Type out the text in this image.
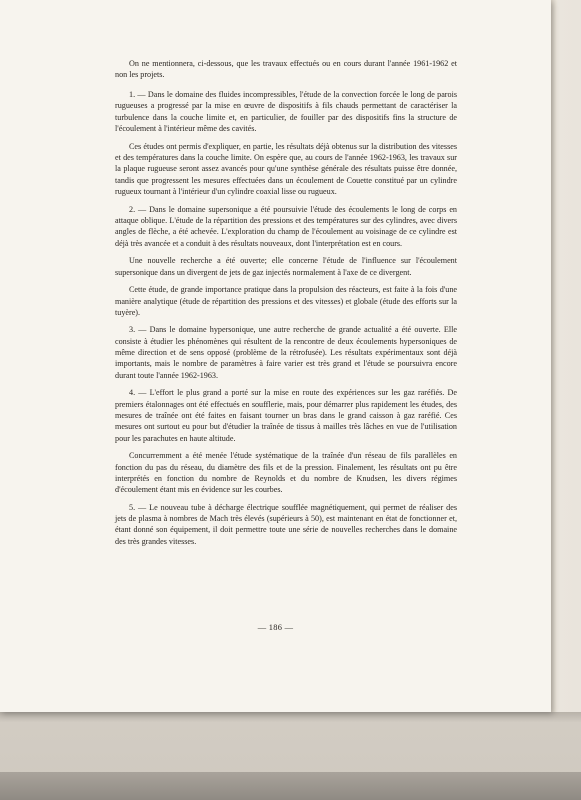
On ne mentionnera, ci-dessous, que les travaux effectués ou en cours durant l'année 1961-1962 et non les projets.

1. — Dans le domaine des fluides incompressibles, l'étude de la convection forcée le long de parois rugueuses a progressé par la mise en œuvre de dispositifs à fils chauds permettant de caractériser la turbulence dans la couche limite et, en particulier, de fouiller par des dispositifs fins la structure de l'écoulement à l'intérieur même des cavités.

Ces études ont permis d'expliquer, en partie, les résultats déjà obtenus sur la distribution des vitesses et des températures dans la couche limite. On espère que, au cours de l'année 1962-1963, les travaux sur la plaque rugueuse seront assez avancés pour qu'une synthèse générale des résultats puisse être donnée, tandis que progressent les mesures effectuées dans un écoulement de Couette constitué par un cylindre rugueux tournant à l'intérieur d'un cylindre coaxial lisse ou rugueux.

2. — Dans le domaine supersonique a été poursuivie l'étude des écoulements le long de corps en attaque oblique. L'étude de la répartition des pressions et des températures sur des cylindres, avec divers angles de flèche, a été achevée. L'exploration du champ de l'écoulement au voisinage de ce cylindre est déjà très avancée et a conduit à des résultats nouveaux, dont l'interprétation est en cours.

Une nouvelle recherche a été ouverte; elle concerne l'étude de l'influence sur l'écoulement supersonique dans un divergent de jets de gaz injectés normalement à l'axe de ce divergent.

Cette étude, de grande importance pratique dans la propulsion des réacteurs, est faite à la fois d'une manière analytique (étude de répartition des pressions et des vitesses) et globale (étude des efforts sur la tuyère).

3. — Dans le domaine hypersonique, une autre recherche de grande actualité a été ouverte. Elle consiste à étudier les phénomènes qui résultent de la rencontre de deux écoulements hypersoniques de même direction et de sens opposé (problème de la rétrofusée). Les résultats expérimentaux sont déjà importants, mais le nombre de paramètres à faire varier est très grand et l'étude se poursuivra encore durant toute l'année 1962-1963.

4. — L'effort le plus grand a porté sur la mise en route des expériences sur les gaz raréfiés. De premiers étalonnages ont été effectués en soufflerie, mais, pour démarrer plus rapidement les études, des mesures de traînée ont été faites en faisant tourner un bras dans le grand caisson à gaz raréfié. Ces mesures ont surtout eu pour but d'étudier la traînée de tissus à mailles très lâches en vue de l'utilisation pour les parachutes en haute altitude.

Concurremment a été menée l'étude systématique de la traînée d'un réseau de fils parallèles en fonction du pas du réseau, du diamètre des fils et de la pression. Finalement, les résultats ont pu être interprétés en fonction du nombre de Reynolds et du nombre de Knudsen, les divers régimes d'écoulement étant mis en évidence sur les courbes.

5. — Le nouveau tube à décharge électrique soufflée magnétiquement, qui permet de réaliser des jets de plasma à nombres de Mach très élevés (supérieurs à 50), est maintenant en état de fonctionner et, étant donné son équipement, il doit permettre toute une série de nouvelles recherches dans le domaine des très grandes vitesses.

— 186 —
